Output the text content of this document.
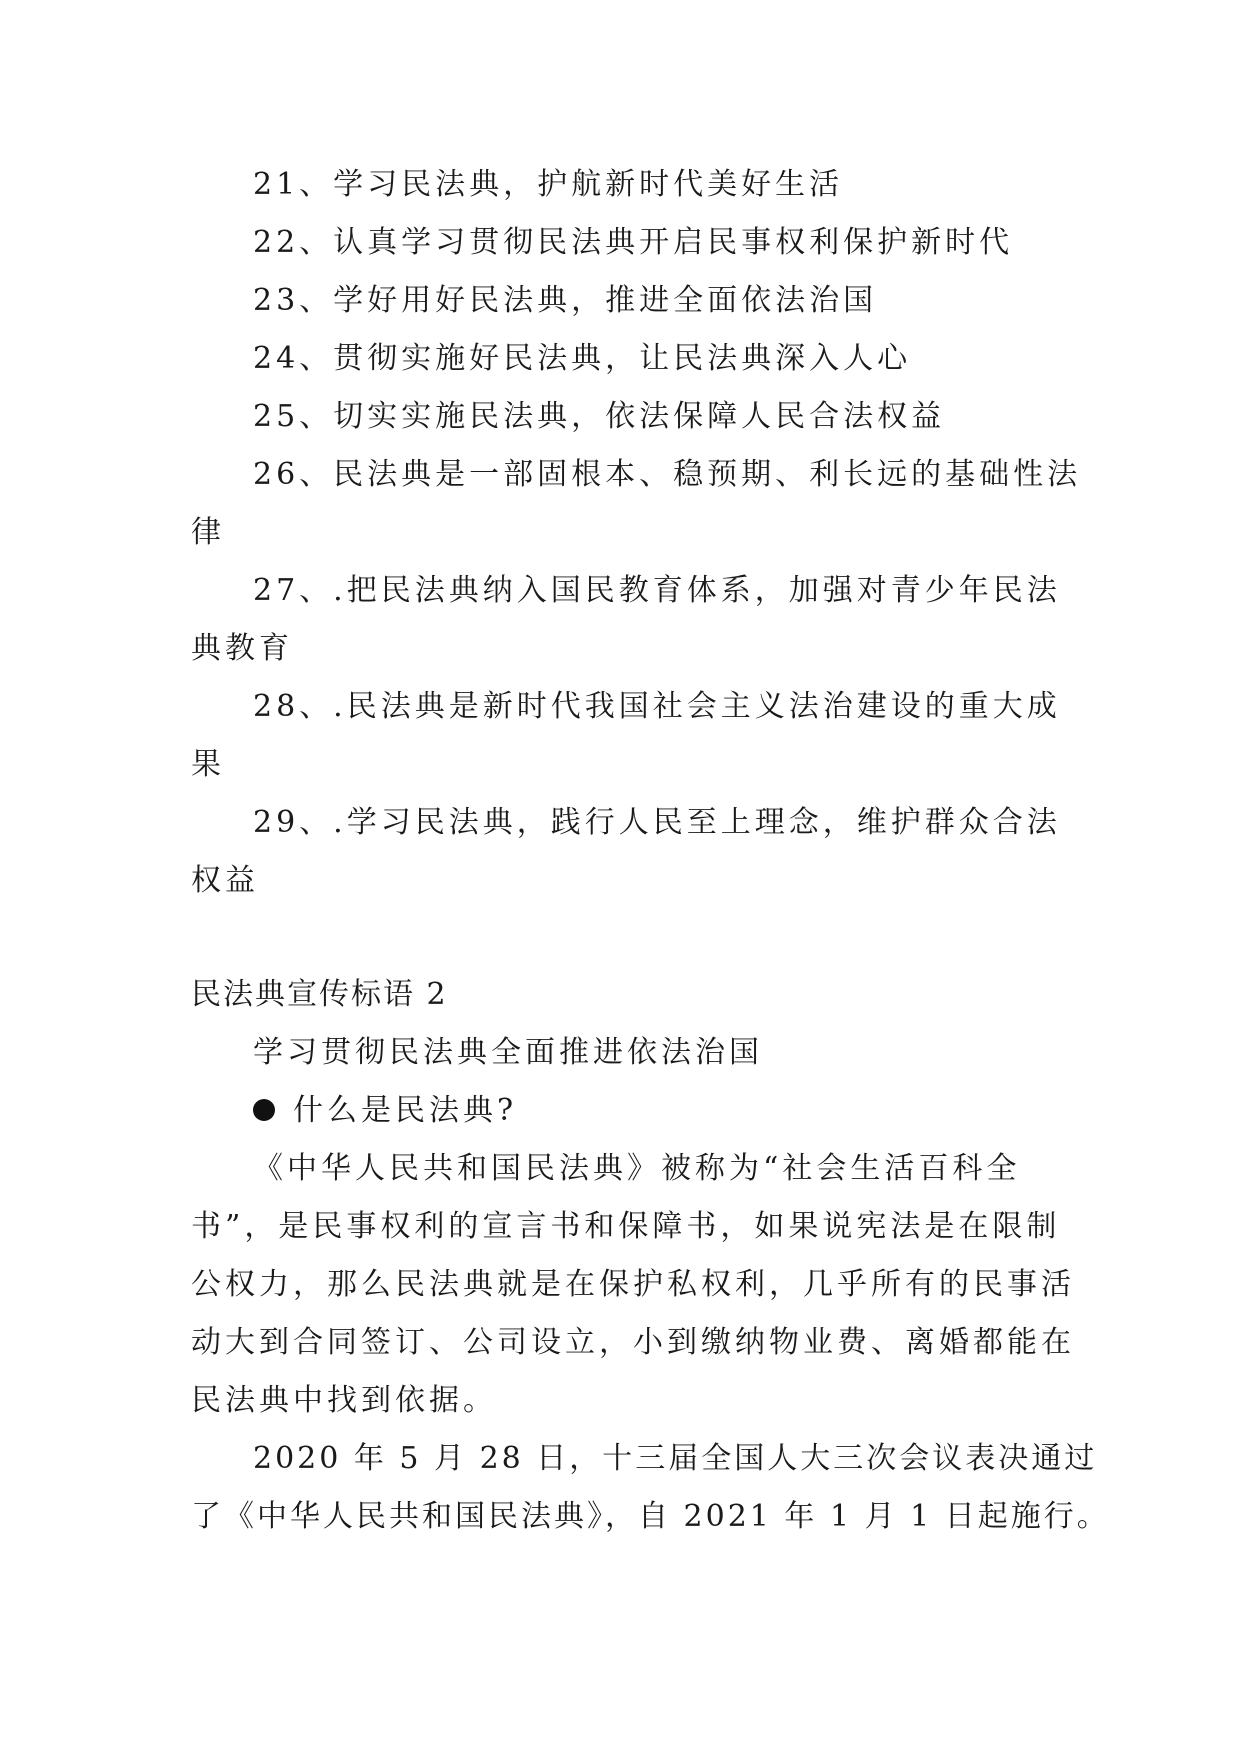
21、学习民法典，护航新时代美好生活
22、认真学习贯彻民法典开启民事权利保护新时代
23、学好用好民法典，推进全面依法治国
24、贯彻实施好民法典，让民法典深入人心
25、切实实施民法典，依法保障人民合法权益
26、民法典是一部固根本、稳预期、利长远的基础性法
律
27、.把民法典纳入国民教育体系，加强对青少年民法
典教育
28、.民法典是新时代我国社会主义法治建设的重大成
果
29、.学习民法典，践行人民至上理念，维护群众合法
权益
民法典宣传标语 2
学习贯彻民法典全面推进依法治国
什么是民法典?
《中华人民共和国民法典》被称为“社会生活百科全
书”，是民事权利的宣言书和保障书，如果说宪法是在限制
公权力，那么民法典就是在保护私权利，几乎所有的民事活
动大到合同签订、公司设立，小到缴纳物业费、离婚都能在
民法典中找到依据。
2020 年 5 月 28 日，十三届全国人大三次会议表决通过
了《中华人民共和国民法典》，自 2021 年 1 月 1 日起施行。
